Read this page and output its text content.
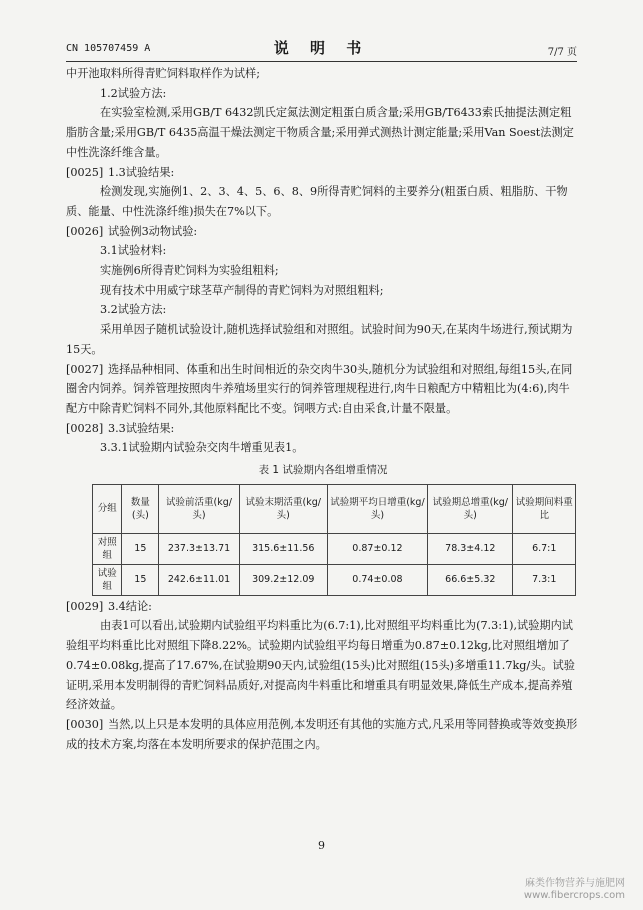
CN 105707459 A	说 明 书	7/7 页

中开池取料所得青贮饲料取样作为试样;

1.2试验方法:

在实验室检测,采用GB/T 6432凯氏定氮法测定粗蛋白质含量;采用GB/T6433索氏抽提法测定粗脂肪含量;采用GB/T 6435高温干燥法测定干物质含量;采用弹式测热计测定能量;采用Van Soest法测定中性洗涤纤维含量。

[0025] 1.3试验结果:

检测发现,实施例1、2、3、4、5、6、8、9所得青贮饲料的主要养分(粗蛋白质、粗脂肪、干物质、能量、中性洗涤纤维)损失在7%以下。

[0026] 试验例3动物试验:

3.1试验材料:

实施例6所得青贮饲料为实验组粗料;

现有技术中用威宁球茎草产制得的青贮饲料为对照组粗料;

3.2试验方法:

采用单因子随机试验设计,随机选择试验组和对照组。试验时间为90天,在某肉牛场进行,预试期为15天。

[0027] 选择品种相同、体重和出生时间相近的杂交肉牛30头,随机分为试验组和对照组,每组15头,在同圈舍内饲养。饲养管理按照肉牛养殖场里实行的饲养管理规程进行,肉牛日粮配方中精粗比为(4:6),肉牛配方中除青贮饲料不同外,其他原料配比不变。饲喂方式:自由采食,计量不限量。

[0028] 3.3试验结果:

3.3.1试验期内试验杂交肉牛增重见表1。

表 1 试验期内各组增重情况
分组	数量(头)	试验前活重(kg/头)	试验末期活重(kg/头)	试验期平均日增重(kg/头)	试验期总增重(kg/头)	试验期间料重比
对照组	15	237.3±13.71	315.6±11.56	0.87±0.12	78.3±4.12	6.7:1
试验组	15	242.6±11.01	309.2±12.09	0.74±0.08	66.6±5.32	7.3:1

[0029] 3.4结论:

由表1可以看出,试验期内试验组平均料重比为(6.7:1),比对照组平均料重比为(7.3:1),试验期内试验组平均料重比比对照组下降8.22%。试验期内试验组平均每日增重为0.87±0.12kg,比对照组增加了0.74±0.08kg,提高了17.67%,在试验期90天内,试验组(15头)比对照组(15头)多增重11.7kg/头。试验证明,采用本发明制得的青贮饲料品质好,对提高肉牛料重比和增重具有明显效果,降低生产成本,提高养殖经济效益。

[0030] 当然,以上只是本发明的具体应用范例,本发明还有其他的实施方式,凡采用等同替换或等效变换形成的技术方案,均落在本发明所要求的保护范围之内。

9
麻类作物营养与施肥网
www.fibercrops.com
